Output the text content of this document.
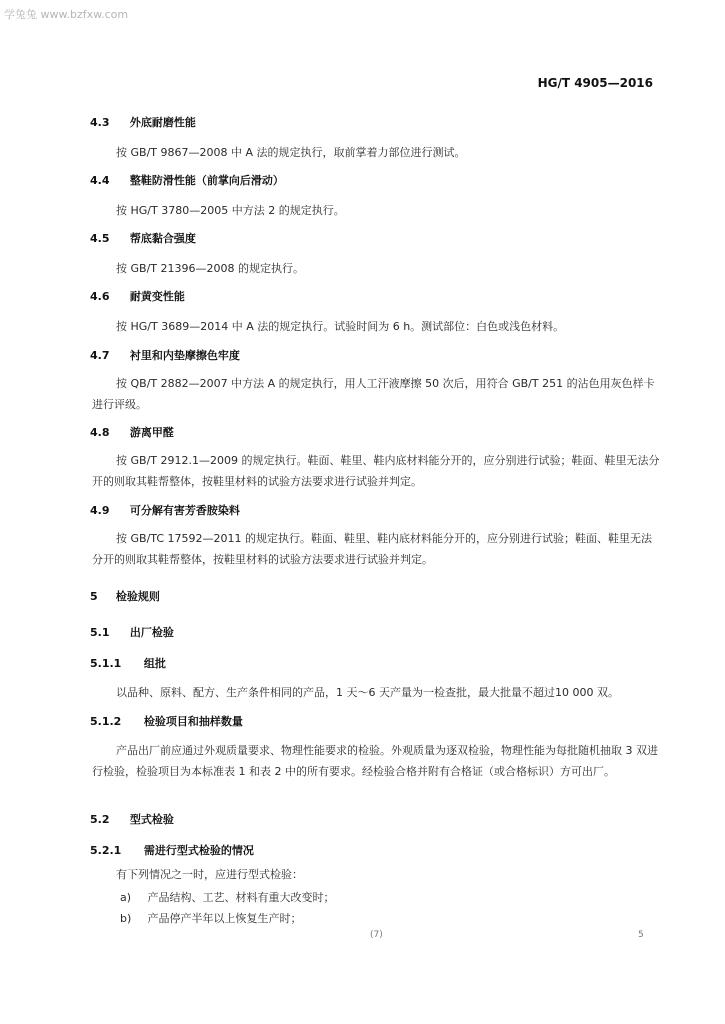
学兔兔 www.bzfxw.com
HG/T 4905—2016
4.3 外底耐磨性能
按 GB/T 9867—2008 中 A 法的规定执行，取前掌着力部位进行测试。
4.4 整鞋防滑性能（前掌向后滑动）
按 HG/T 3780—2005 中方法 2 的规定执行。
4.5 帮底黏合强度
按 GB/T 21396—2008 的规定执行。
4.6 耐黄变性能
按 HG/T 3689—2014 中 A 法的规定执行。试验时间为 6 h。测试部位：白色或浅色材料。
4.7 衬里和内垫摩擦色牢度
按 QB/T 2882—2007 中方法 A 的规定执行，用人工汗液摩擦 50 次后，用符合 GB/T 251 的沾色用灰色样卡进行评级。
4.8 游离甲醛
按 GB/T 2912.1—2009 的规定执行。鞋面、鞋里、鞋内底材料能分开的，应分别进行试验；鞋面、鞋里无法分开的则取其鞋帮整体，按鞋里材料的试验方法要求进行试验并判定。
4.9 可分解有害芳香胺染料
按 GB/TC 17592—2011 的规定执行。鞋面、鞋里、鞋内底材料能分开的，应分别进行试验；鞋面、鞋里无法分开的则取其鞋帮整体，按鞋里材料的试验方法要求进行试验并判定。
5 检验规则
5.1 出厂检验
5.1.1 组批
以品种、原料、配方、生产条件相同的产品，1 天～6 天产量为一检查批，最大批量不超过10 000 双。
5.1.2 检验项目和抽样数量
产品出厂前应通过外观质量要求、物理性能要求的检验。外观质量为逐双检验，物理性能为每批随机抽取 3 双进行检验，检验项目为本标准表 1 和表 2 中的所有要求。经检验合格并附有合格证（或合格标识）方可出厂。
5.2 型式检验
5.2.1 需进行型式检验的情况
有下列情况之一时，应进行型式检验：
a) 产品结构、工艺、材料有重大改变时；
b) 产品停产半年以上恢复生产时；
(7)	5
